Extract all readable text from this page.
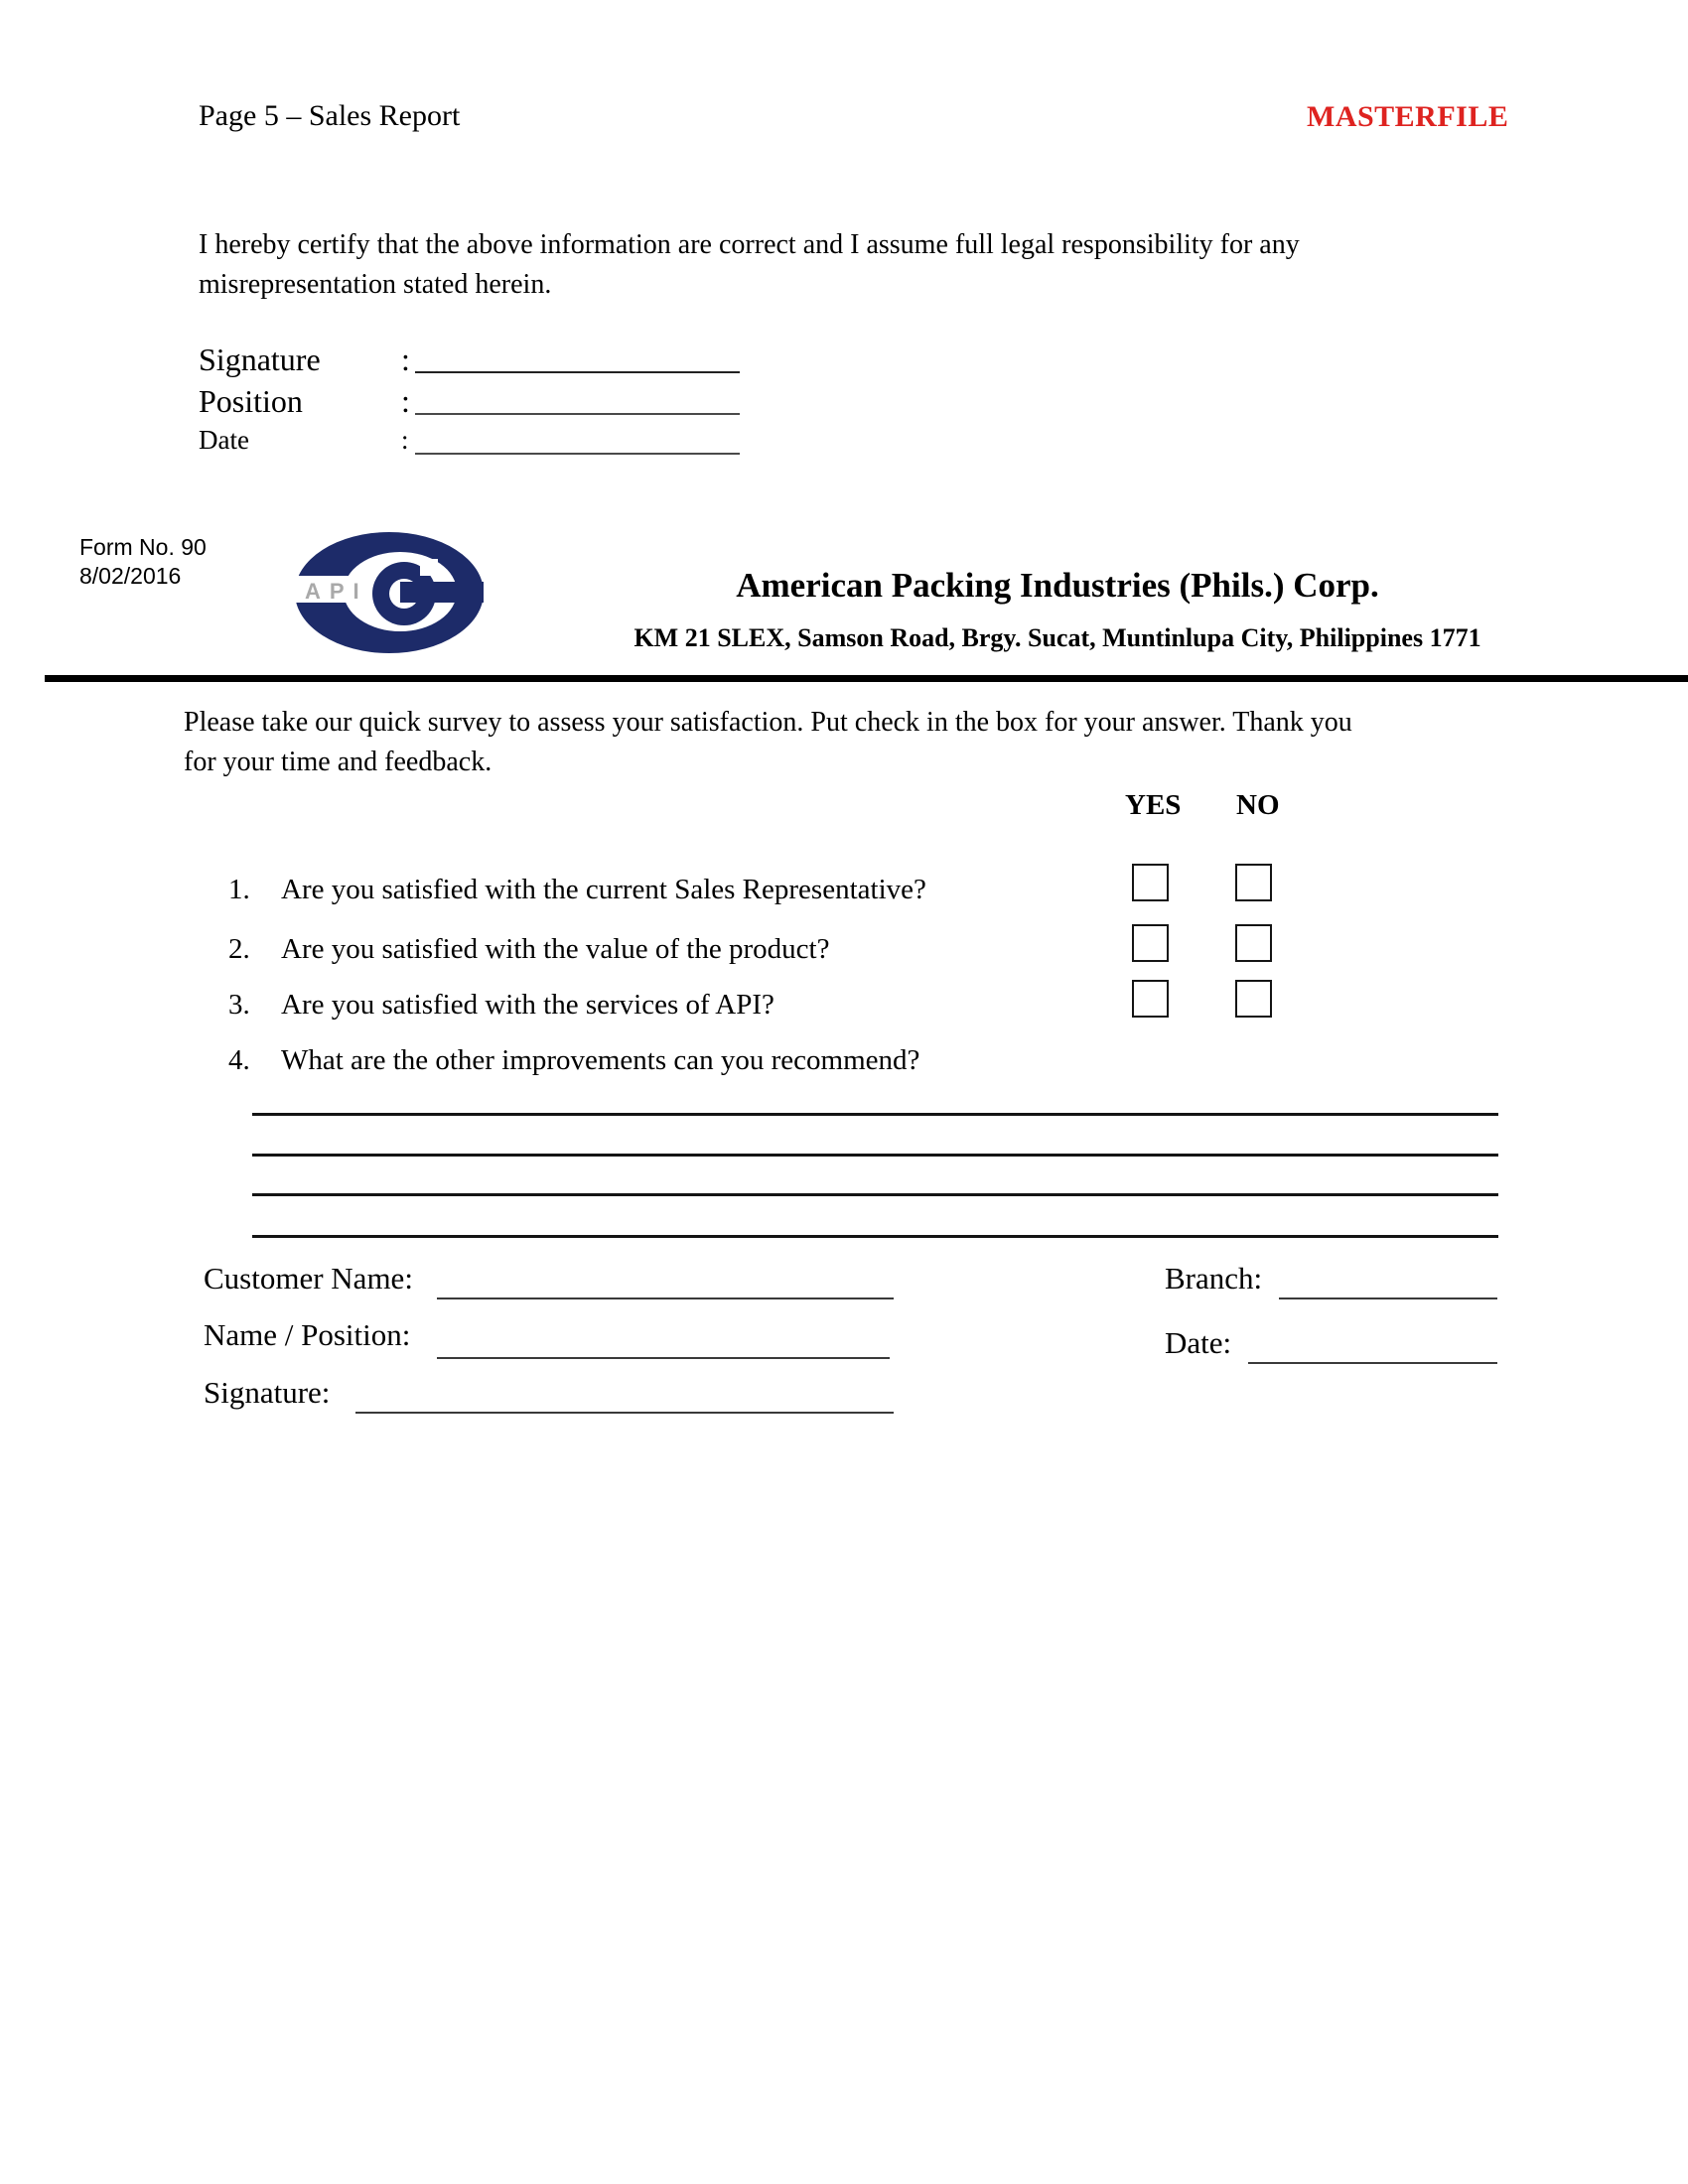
Page 5 – Sales Report	MASTERFILE
I hereby certify that the above information are correct and I assume full legal responsibility for any
misrepresentation stated herein.
Signature	:
Position	:
Date	:
Form No. 90
8/02/2016
API	American Packing Industries (Phils.) Corp.
KM 21 SLEX, Samson Road, Brgy. Sucat, Muntinlupa City, Philippines 1771
Please take our quick survey to assess your satisfaction. Put check in the box for your answer. Thank you
for your time and feedback.
YES NO
1. Are you satisfied with the current Sales Representative?
2. Are you satisfied with the value of the product?
3. Are you satisfied with the services of API?
4. What are the other improvements can you recommend?
Customer Name:	Branch:
Name / Position:	Date:
Signature:
